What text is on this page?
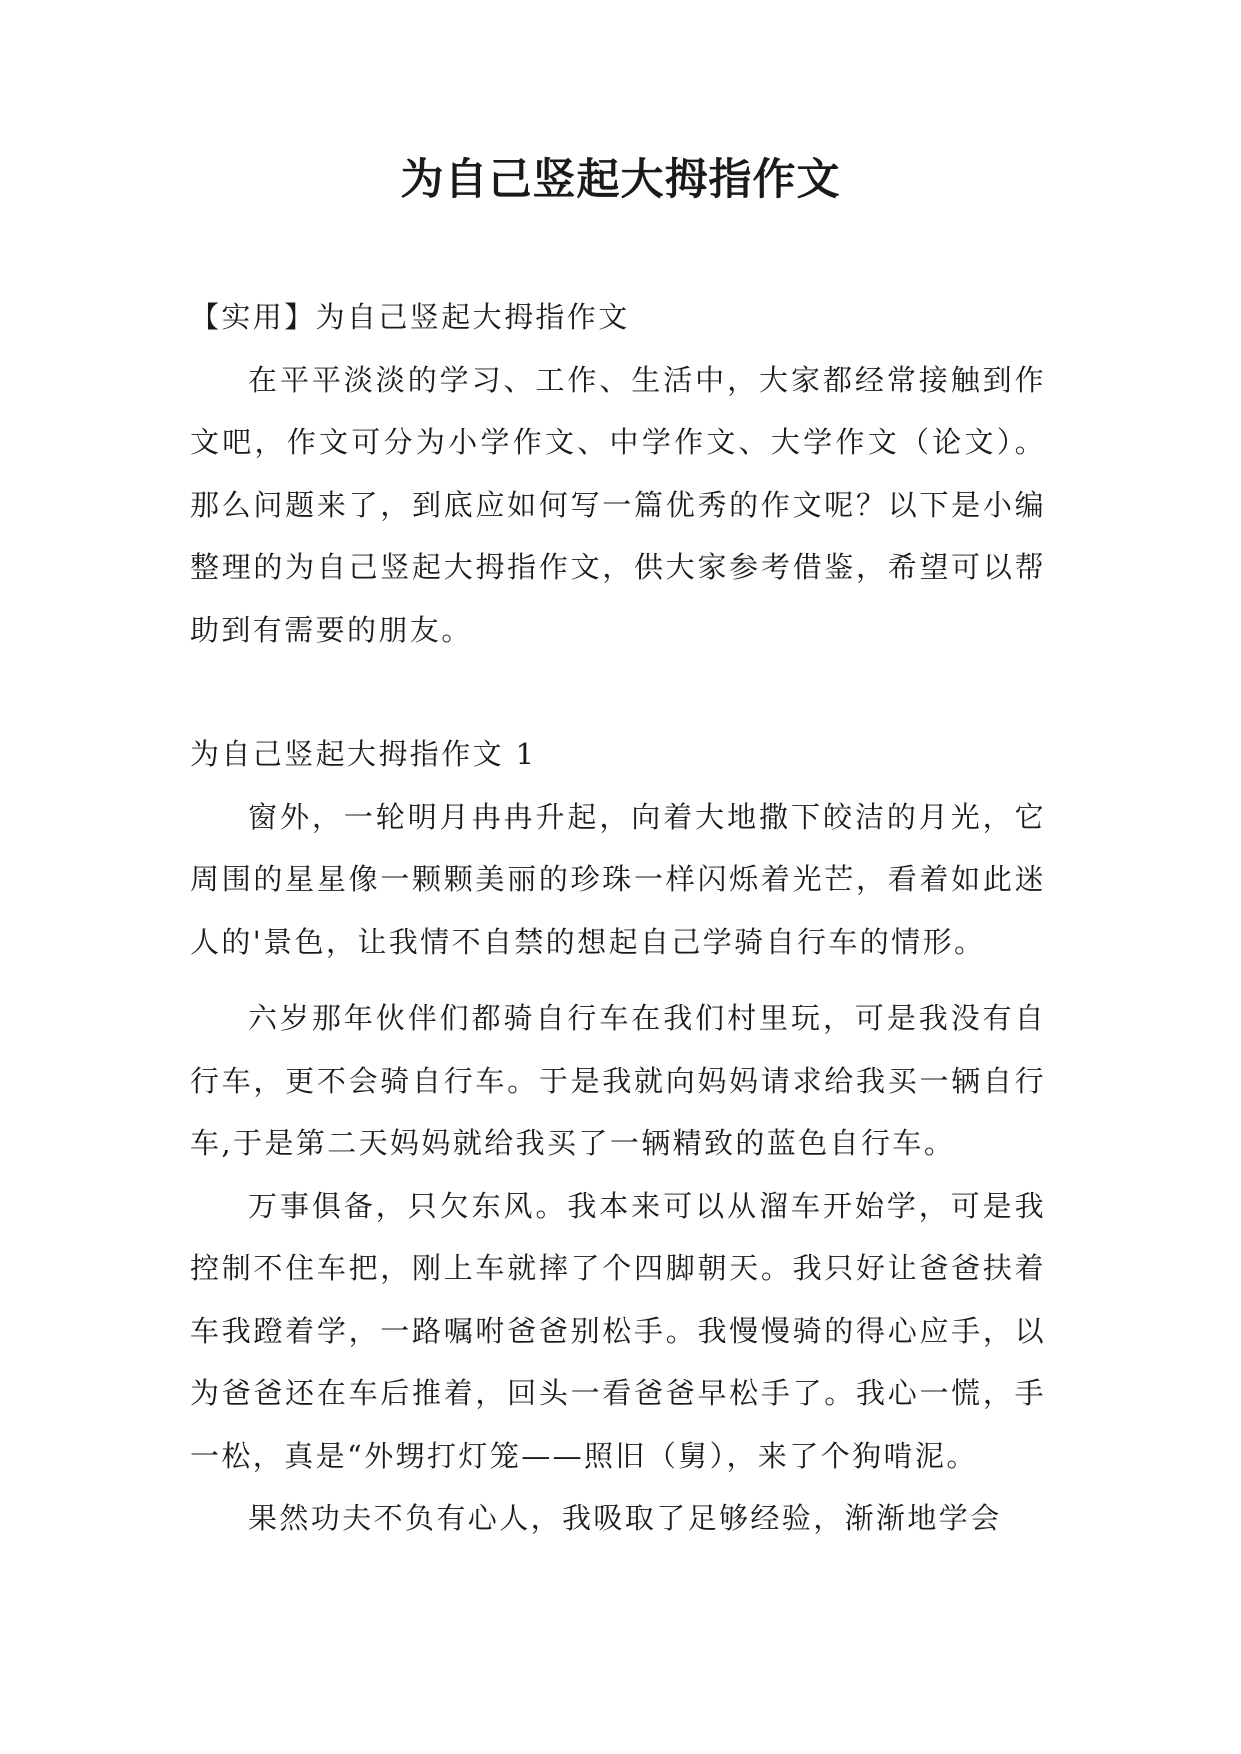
为自己竖起大拇指作文

【实用】为自己竖起大拇指作文

在平平淡淡的学习、工作、生活中，大家都经常接触到作文吧，作文可分为小学作文、中学作文、大学作文（论文）。那么问题来了，到底应如何写一篇优秀的作文呢？以下是小编整理的为自己竖起大拇指作文，供大家参考借鉴，希望可以帮助到有需要的朋友。

为自己竖起大拇指作文 1

窗外，一轮明月冉冉升起，向着大地撒下皎洁的月光，它周围的星星像一颗颗美丽的珍珠一样闪烁着光芒，看着如此迷人的'景色，让我情不自禁的想起自己学骑自行车的情形。

六岁那年伙伴们都骑自行车在我们村里玩，可是我没有自行车，更不会骑自行车。于是我就向妈妈请求给我买一辆自行车,于是第二天妈妈就给我买了一辆精致的蓝色自行车。

万事俱备，只欠东风。我本来可以从溜车开始学，可是我控制不住车把，刚上车就摔了个四脚朝天。我只好让爸爸扶着车我蹬着学，一路嘱咐爸爸别松手。我慢慢骑的得心应手，以为爸爸还在车后推着，回头一看爸爸早松手了。我心一慌，手一松，真是“外甥打灯笼——照旧（舅），来了个狗啃泥。

果然功夫不负有心人，我吸取了足够经验，渐渐地学会
